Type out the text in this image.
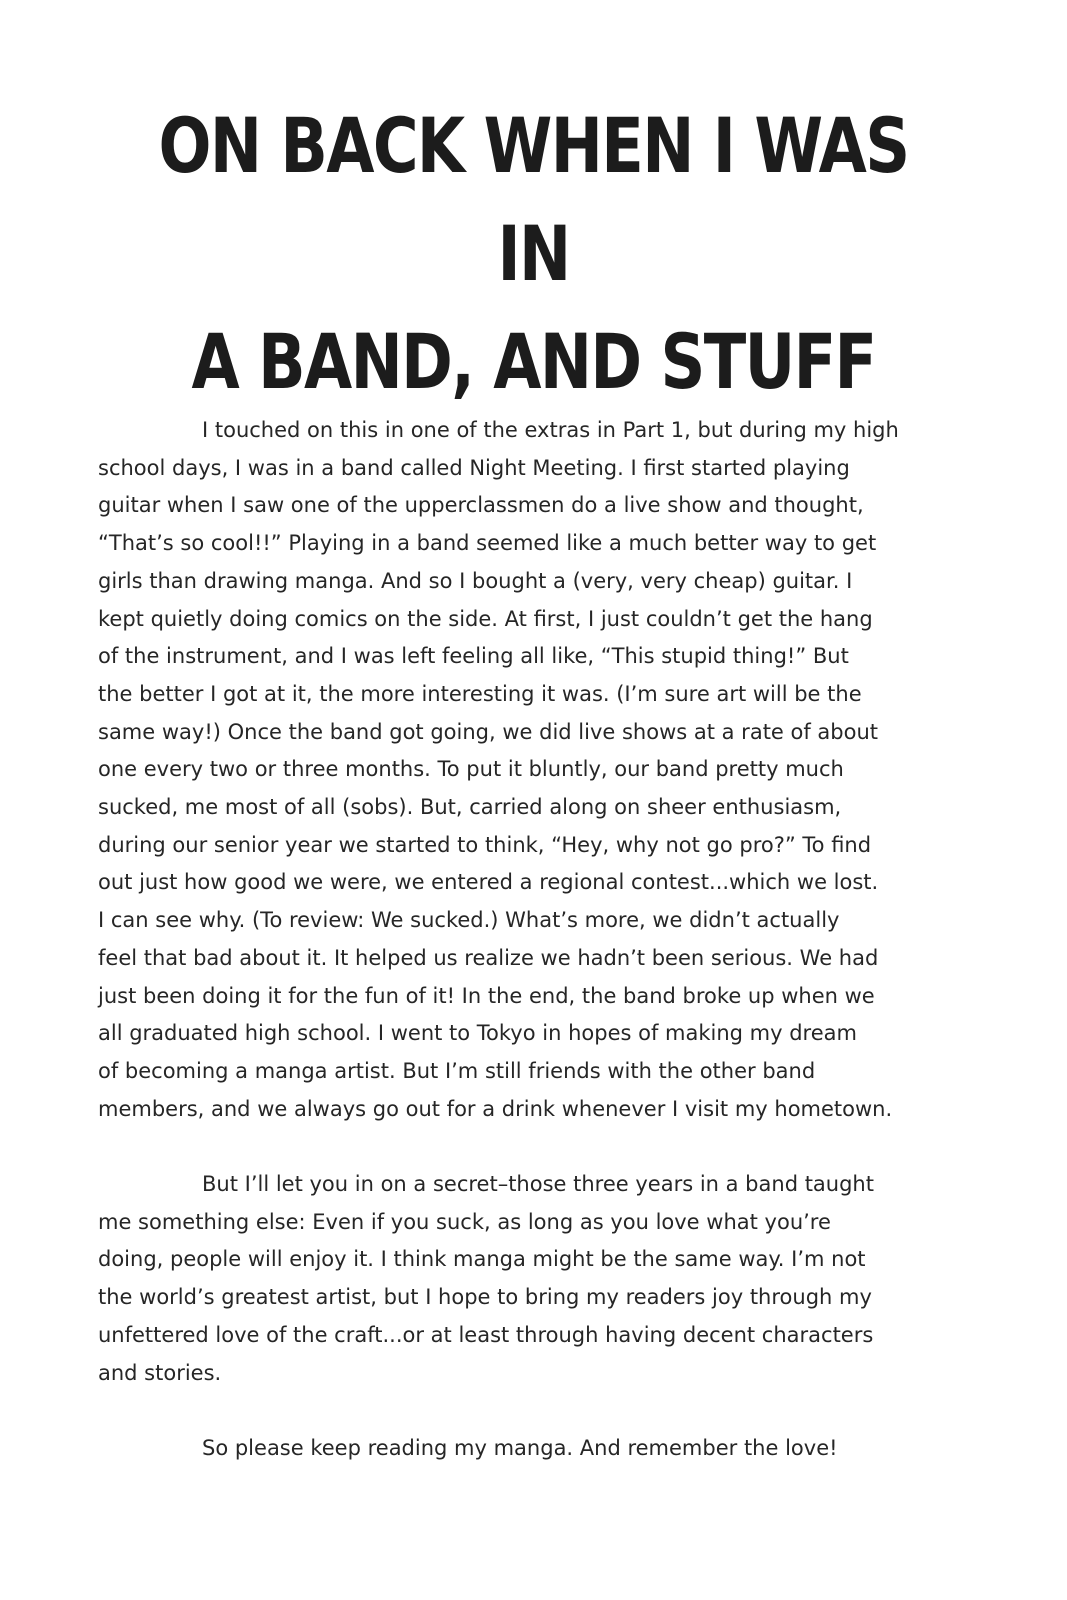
ON BACK WHEN I WAS IN
A BAND, AND STUFF

I touched on this in one of the extras in Part 1, but during my high
school days, I was in a band called Night Meeting. I first started playing
guitar when I saw one of the upperclassmen do a live show and thought,
“That’s so cool!!” Playing in a band seemed like a much better way to get
girls than drawing manga. And so I bought a (very, very cheap) guitar. I
kept quietly doing comics on the side. At first, I just couldn’t get the hang
of the instrument, and I was left feeling all like, “This stupid thing!” But
the better I got at it, the more interesting it was. (I’m sure art will be the
same way!) Once the band got going, we did live shows at a rate of about
one every two or three months. To put it bluntly, our band pretty much
sucked, me most of all (sobs). But, carried along on sheer enthusiasm,
during our senior year we started to think, “Hey, why not go pro?” To find
out just how good we were, we entered a regional contest...which we lost.
I can see why. (To review: We sucked.) What’s more, we didn’t actually
feel that bad about it. It helped us realize we hadn’t been serious. We had
just been doing it for the fun of it! In the end, the band broke up when we
all graduated high school. I went to Tokyo in hopes of making my dream
of becoming a manga artist. But I’m still friends with the other band
members, and we always go out for a drink whenever I visit my hometown.

But I’ll let you in on a secret–those three years in a band taught
me something else: Even if you suck, as long as you love what you’re
doing, people will enjoy it. I think manga might be the same way. I’m not
the world’s greatest artist, but I hope to bring my readers joy through my
unfettered love of the craft...or at least through having decent characters
and stories.

So please keep reading my manga. And remember the love!
